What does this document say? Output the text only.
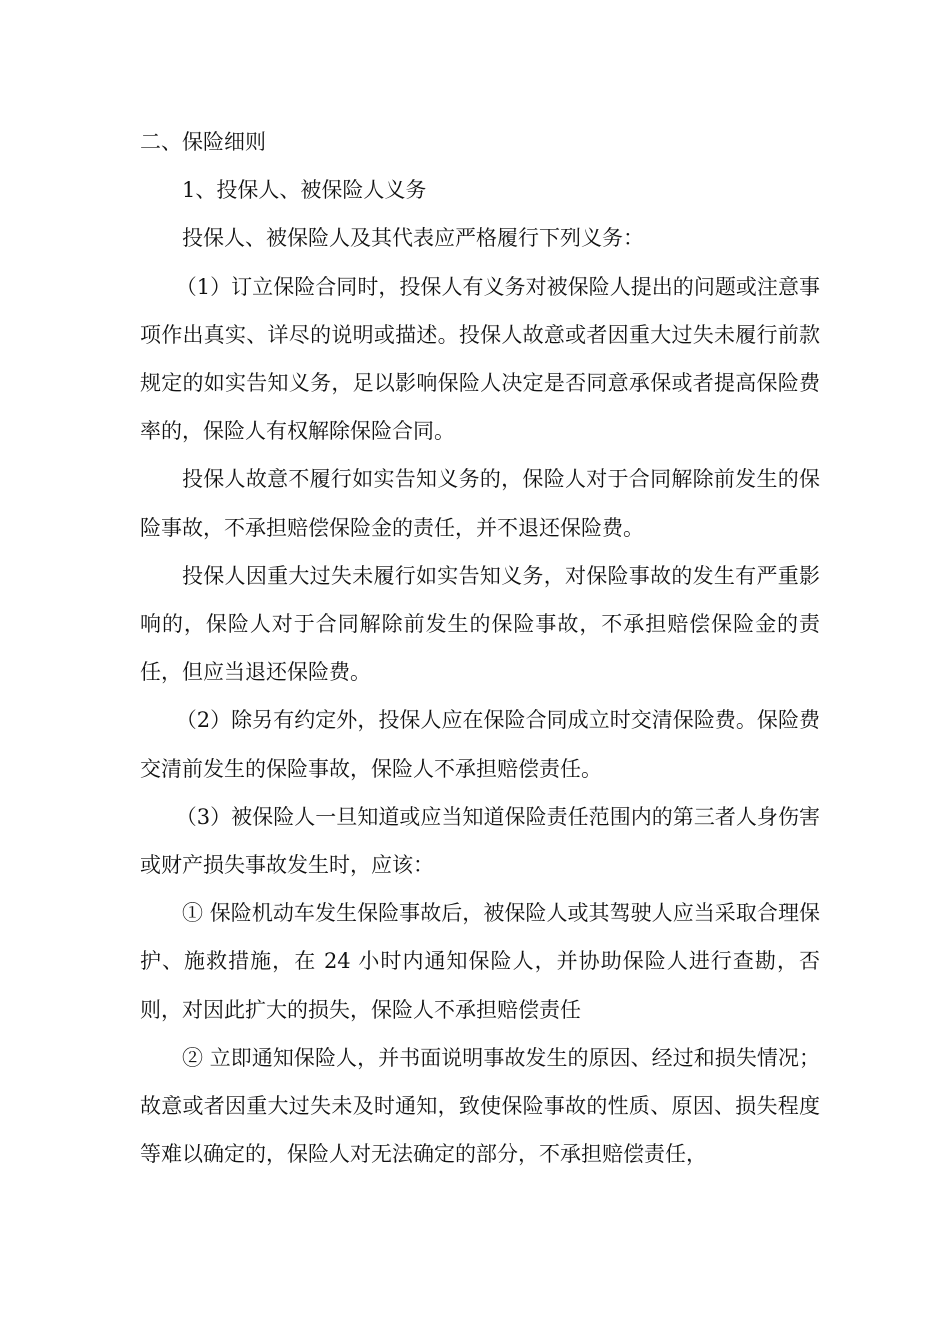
二、保险细则

1、投保人、被保险人义务

投保人、被保险人及其代表应严格履行下列义务：

（1）订立保险合同时，投保人有义务对被保险人提出的问题或注意事项作出真实、详尽的说明或描述。投保人故意或者因重大过失未履行前款规定的如实告知义务，足以影响保险人决定是否同意承保或者提高保险费率的，保险人有权解除保险合同。

投保人故意不履行如实告知义务的，保险人对于合同解除前发生的保险事故，不承担赔偿保险金的责任，并不退还保险费。

投保人因重大过失未履行如实告知义务，对保险事故的发生有严重影响的，保险人对于合同解除前发生的保险事故，不承担赔偿保险金的责任，但应当退还保险费。

（2）除另有约定外，投保人应在保险合同成立时交清保险费。保险费交清前发生的保险事故，保险人不承担赔偿责任。

（3）被保险人一旦知道或应当知道保险责任范围内的第三者人身伤害或财产损失事故发生时，应该：

① 保险机动车发生保险事故后，被保险人或其驾驶人应当采取合理保护、施救措施，在 24 小时内通知保险人，并协助保险人进行查勘，否则，对因此扩大的损失，保险人不承担赔偿责任

② 立即通知保险人，并书面说明事故发生的原因、经过和损失情况；故意或者因重大过失未及时通知，致使保险事故的性质、原因、损失程度等难以确定的，保险人对无法确定的部分，不承担赔偿责任，
